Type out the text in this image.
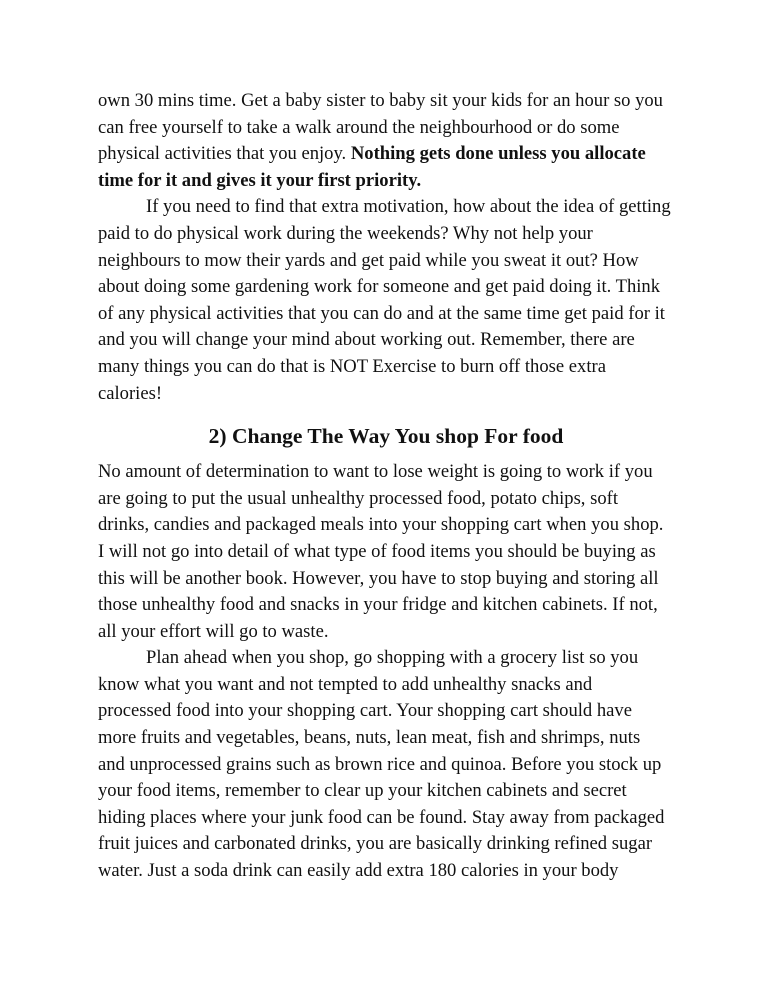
own 30 mins time. Get a baby sister to baby sit your kids for an hour so you
can free yourself to take a walk around the neighbourhood or do some
physical activities that you enjoy. Nothing gets done unless you allocate
time for it and gives it your first priority.
If you need to find that extra motivation, how about the idea of getting
paid to do physical work during the weekends? Why not help your
neighbours to mow their yards and get paid while you sweat it out? How
about doing some gardening work for someone and get paid doing it. Think
of any physical activities that you can do and at the same time get paid for it
and you will change your mind about working out. Remember, there are
many things you can do that is NOT Exercise to burn off those extra
calories!
2) Change The Way You shop For food
No amount of determination to want to lose weight is going to work if you
are going to put the usual unhealthy processed food, potato chips, soft
drinks, candies and packaged meals into your shopping cart when you shop.
I will not go into detail of what type of food items you should be buying as
this will be another book. However, you have to stop buying and storing all
those unhealthy food and snacks in your fridge and kitchen cabinets. If not,
all your effort will go to waste.
Plan ahead when you shop, go shopping with a grocery list so you
know what you want and not tempted to add unhealthy snacks and
processed food into your shopping cart. Your shopping cart should have
more fruits and vegetables, beans, nuts, lean meat, fish and shrimps, nuts
and unprocessed grains such as brown rice and quinoa. Before you stock up
your food items, remember to clear up your kitchen cabinets and secret
hiding places where your junk food can be found. Stay away from packaged
fruit juices and carbonated drinks, you are basically drinking refined sugar
water. Just a soda drink can easily add extra 180 calories in your body
